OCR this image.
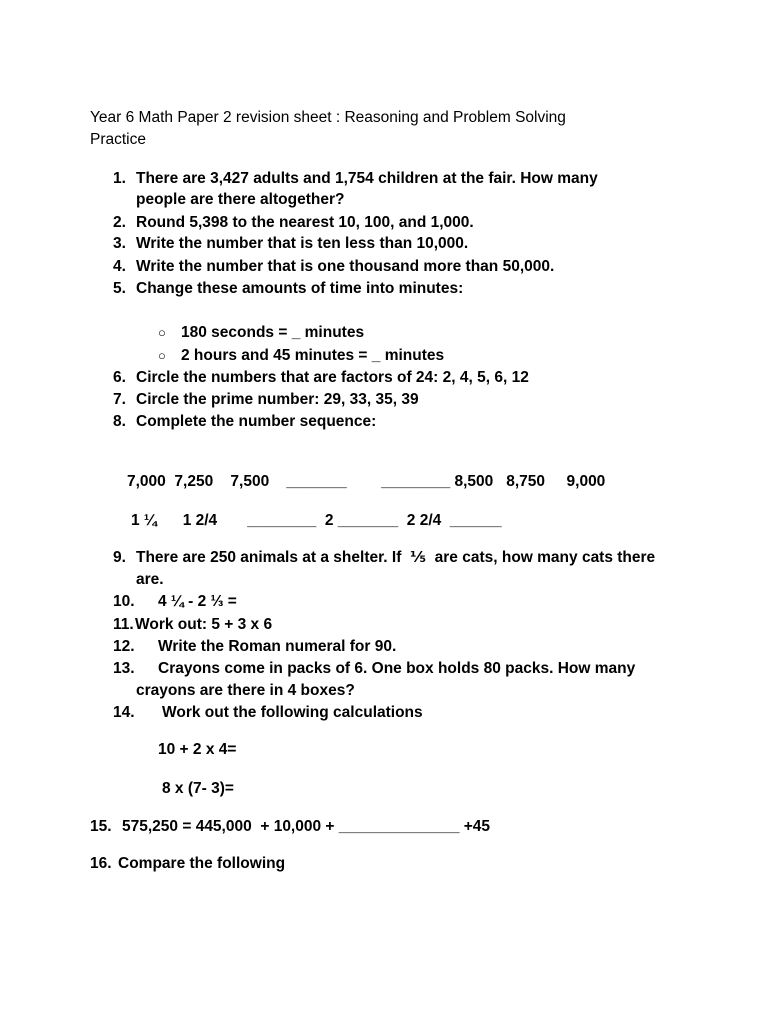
Year 6 Math Paper 2 revision sheet : Reasoning and Problem Solving
Practice
1. There are 3,427 adults and 1,754 children at the fair. How many
people are there altogether?
2. Round 5,398 to the nearest 10, 100, and 1,000.
3. Write the number that is ten less than 10,000.
4. Write the number that is one thousand more than 50,000.
5. Change these amounts of time into minutes:
○ 180 seconds = _ minutes
○ 2 hours and 45 minutes = _ minutes
6. Circle the numbers that are factors of 24: 2, 4, 5, 6, 12
7. Circle the prime number: 29, 33, 35, 39
8. Complete the number sequence:
7,000  7,250    7,500    _______        ________ 8,500   8,750     9,000
1 ¼      1 2/4       ________  2 _______  2 2/4  ______
9. There are 250 animals at a shelter. If  ⅕  are cats, how many cats there
are.
10. 4 ¼ - 2 ⅓ =
11. Work out: 5 + 3 x 6
12. Write the Roman numeral for 90.
13. Crayons come in packs of 6. One box holds 80 packs. How many
crayons are there in 4 boxes?
14. Work out the following calculations
10 + 2 x 4=
8 x (7- 3)=
15. 575,250 = 445,000  + 10,000 + ______________ +45
16. Compare the following
